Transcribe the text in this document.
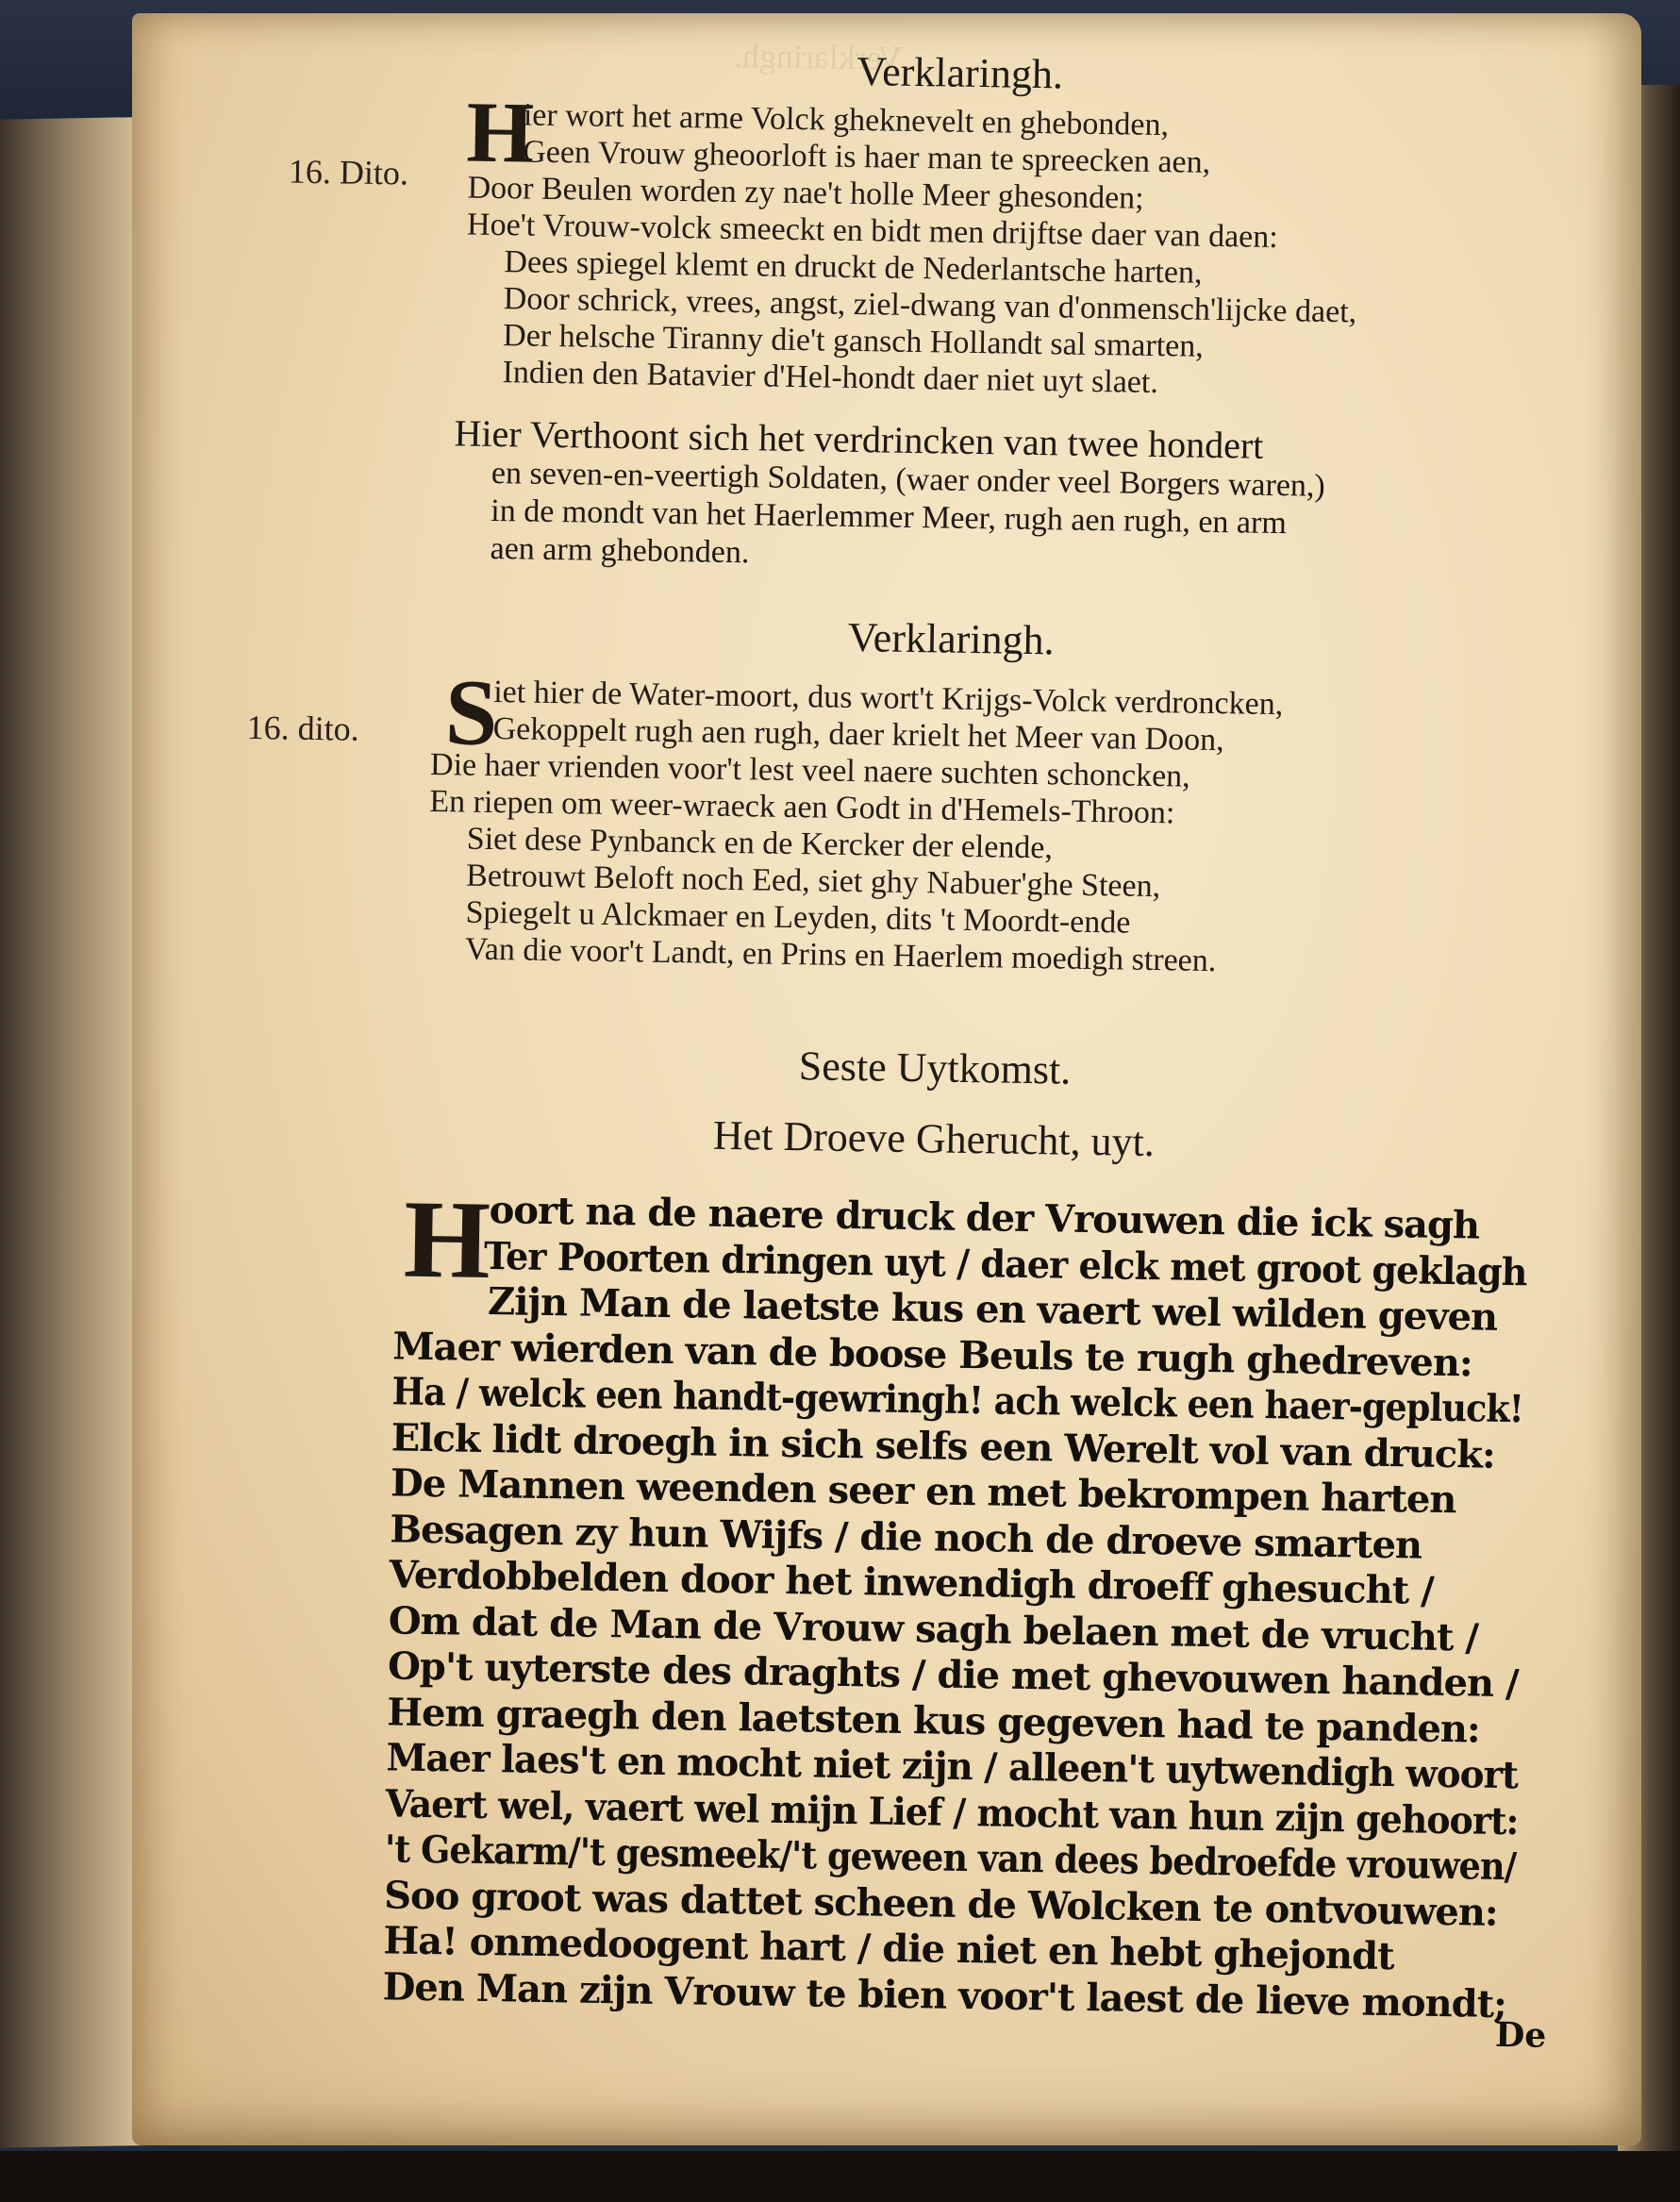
Verklaringh.
Verklaringh.
16. Dito. H
ier wort het arme Volck gheknevelt en ghebonden,
Geen Vrouw gheoorloft is haer man te spreecken aen,
Door Beulen worden zy nae't holle Meer ghesonden;
Hoe't Vrouw-volck smeeckt en bidt men drijftse daer van daen:
Dees spiegel klemt en druckt de Nederlantsche harten,
Door schrick, vrees, angst, ziel-dwang van d'onmensch'lijcke daet,
Der helsche Tiranny die't gansch Hollandt sal smarten,
Indien den Batavier d'Hel-hondt daer niet uyt slaet.
Hier Verthoont sich het verdrincken van twee hondert
en seven-en-veertigh Soldaten, (waer onder veel Borgers waren,)
in de mondt van het Haerlemmer Meer, rugh aen rugh, en arm
aen arm ghebonden.
Verklaringh.
16. dito. S
iet hier de Water-moort, dus wort't Krijgs-Volck verdroncken,
Gekoppelt rugh aen rugh, daer krielt het Meer van Doon,
Die haer vrienden voor't lest veel naere suchten schoncken,
En riepen om weer-wraeck aen Godt in d'Hemels-Throon:
Siet dese Pynbanck en de Kercker der elende,
Betrouwt Beloft noch Eed, siet ghy Nabuer'ghe Steen,
Spiegelt u Alckmaer en Leyden, dits 't Moordt-ende
Van die voor't Landt, en Prins en Haerlem moedigh streen.
Seste Uytkomst.
Het Droeve Gherucht, uyt.
H
oort na de naere druck der Vrouwen die ick sagh
Ter Poorten dringen uyt / daer elck met groot geklagh
Zijn Man de laetste kus en vaert wel wilden geven
Maer wierden van de boose Beuls te rugh ghedreven:
Ha / welck een handt-gewringh! ach welck een haer-gepluck!
Elck lidt droegh in sich selfs een Werelt vol van druck:
De Mannen weenden seer en met bekrompen harten
Besagen zy hun Wijfs / die noch de droeve smarten
Verdobbelden door het inwendigh droeff ghesucht /
Om dat de Man de Vrouw sagh belaen met de vrucht /
Op't uyterste des draghts / die met ghevouwen handen /
Hem graegh den laetsten kus gegeven had te panden:
Maer laes't en mocht niet zijn / alleen't uytwendigh woort
Vaert wel, vaert wel mijn Lief / mocht van hun zijn gehoort:
't Gekarm/'t gesmeek/'t geween van dees bedroefde vrouwen/
Soo groot was dattet scheen de Wolcken te ontvouwen:
Ha! onmedoogent hart / die niet en hebt ghejondt
Den Man zijn Vrouw te bien voor't laest de lieve mondt;
De
